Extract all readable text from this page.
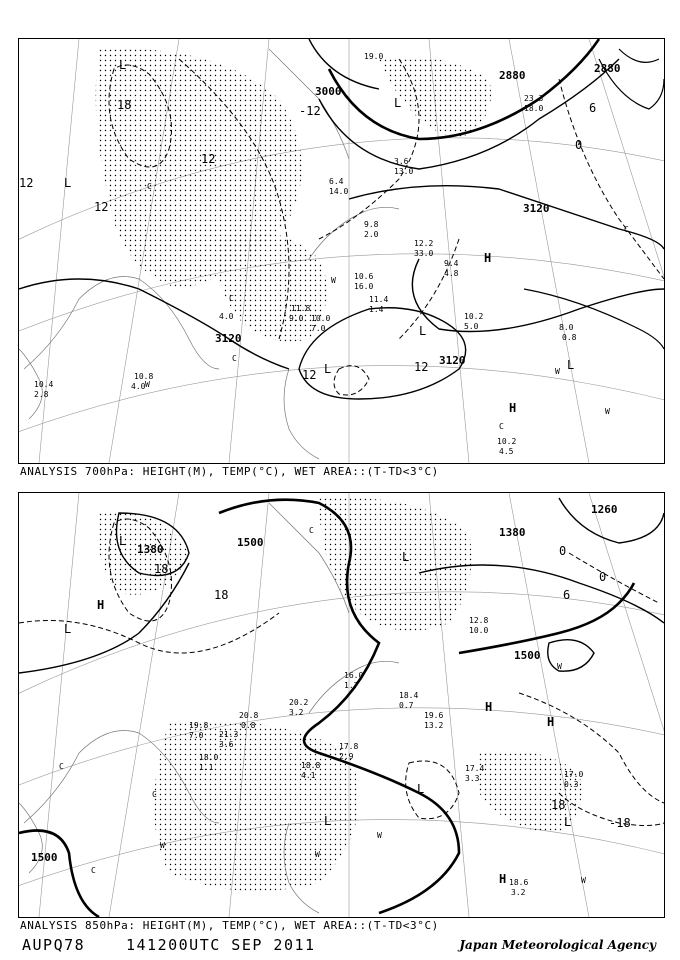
10.8
4.0
10.4
2.8
12.2
33.0
10.6
16.0
11.4
1.4
10.2
5.0	8.0
0.8
10.2
4.5
9.8
2.0
6.4
14.0
3.6
13.0
11.8
9.0 10.0
7.0
4.0
19.0
23.3
18.0
9.4
4.8
3000
3120
3120
3120
2880
2880
18	-12
12
12
12
12
12
6
0
L
L
L
L
L	L
H
H
C
C
C
C
C
W
W
W
W
ANALYSIS 700hPa: HEIGHT(M), TEMP(°C), WET AREA::(T-TD<3°C)
20.8
0.8
19.8
7.0
18.6
3.2
18.4
0.7
17.4
3.3	17.0
0.3
12.8
10.0
18.0
1.1
21.3
3.6
16.0
1.7
20.2
3.2	19.6
13.2
17.8
2.9
18.8
4.1
1380
1500
1500
1500
1380
1260
18
18
18
6
0
0
-18
L
L
L
L
L	L
H
H
H
H
C
C
C
C
W
W
W
W
W
ANALYSIS 850hPa: HEIGHT(M), TEMP(°C), WET AREA::(T-TD<3°C)
AUPQ78	141200UTC SEP 2011	Japan Meteorological Agency
